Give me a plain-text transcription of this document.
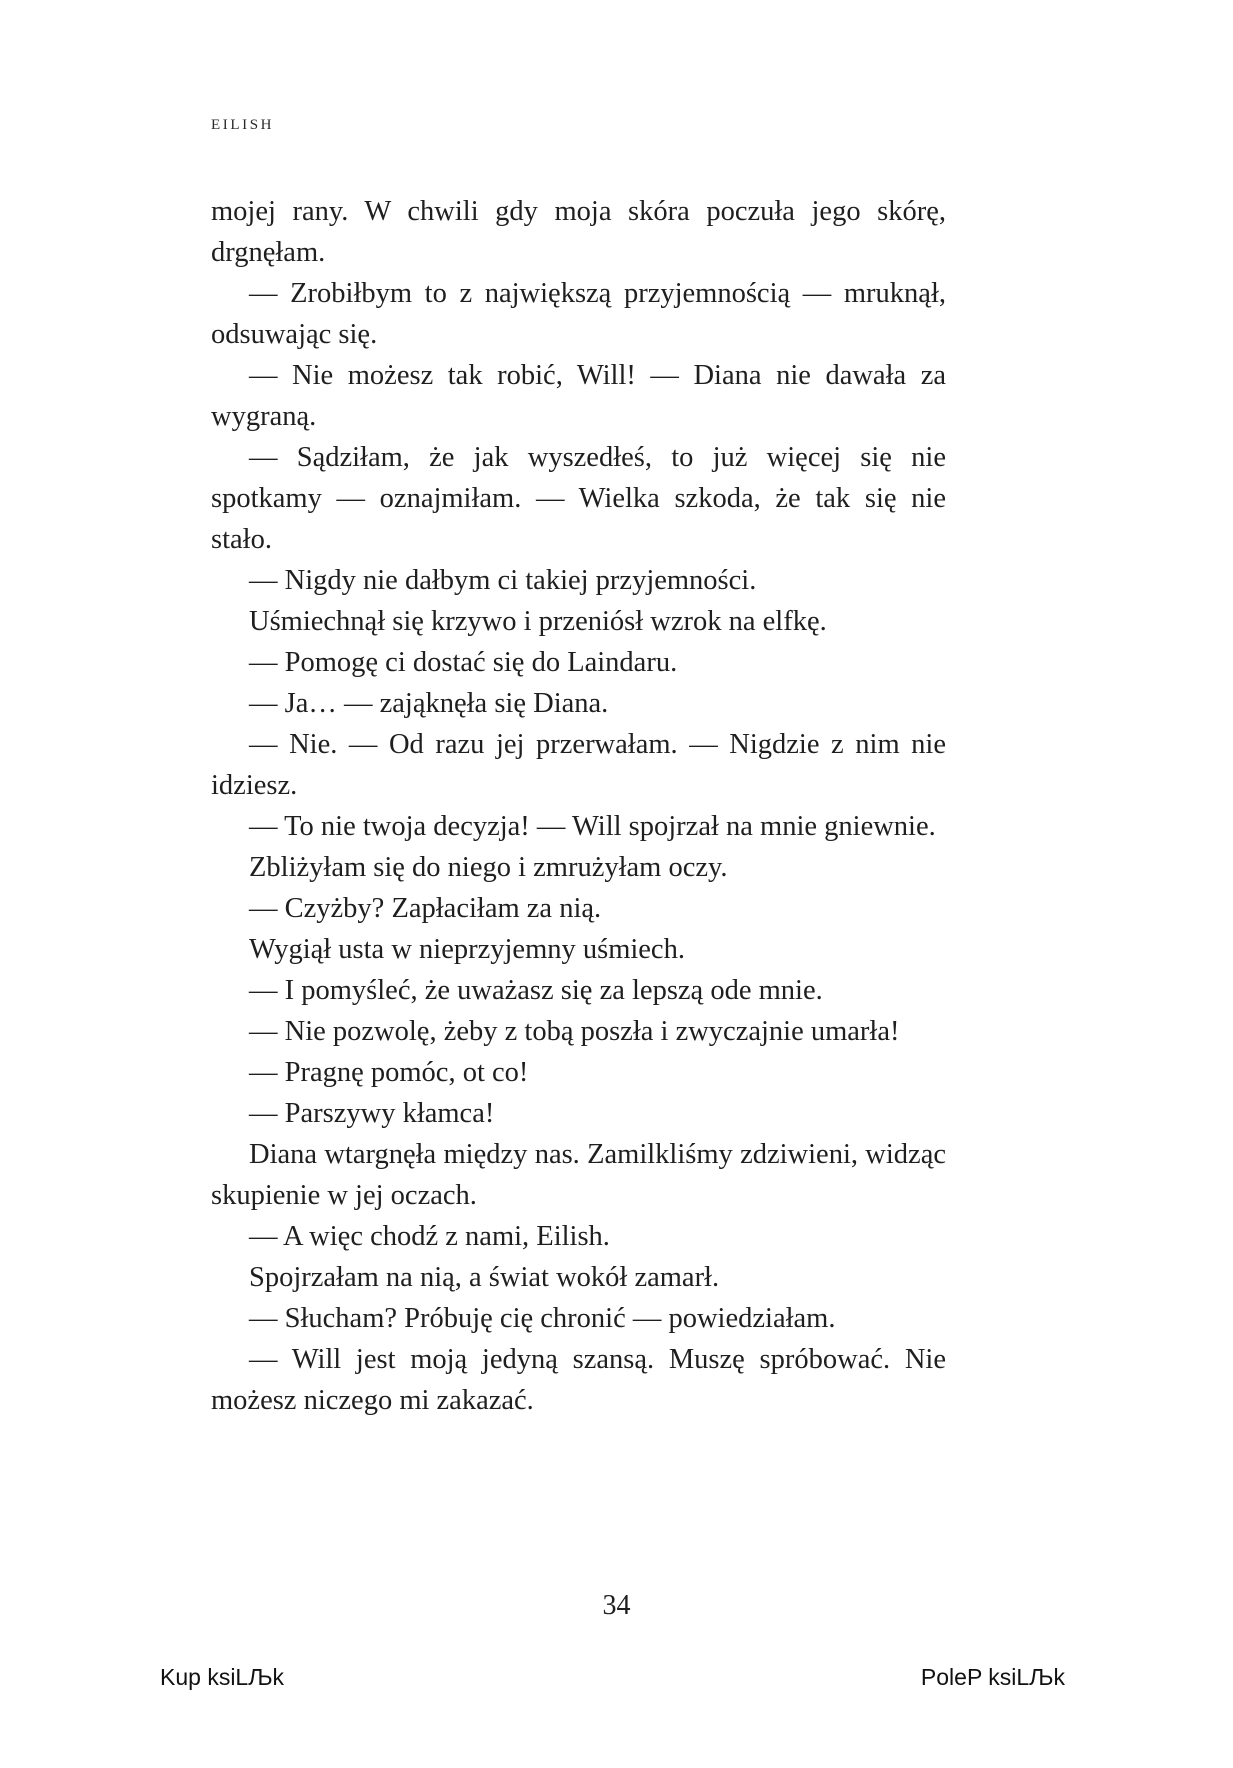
EILISH

mojej rany. W chwili gdy moja skóra poczuła jego skórę, drgnęłam.

— Zrobiłbym to z największą przyjemnością — mruknął, odsuwając się.

— Nie możesz tak robić, Will! — Diana nie dawała za wygraną.

— Sądziłam, że jak wyszedłeś, to już więcej się nie spotkamy — oznajmiłam. — Wielka szkoda, że tak się nie stało.

— Nigdy nie dałbym ci takiej przyjemności.

Uśmiechnął się krzywo i przeniósł wzrok na elfkę.

— Pomogę ci dostać się do Laindaru.

— Ja… — zająknęła się Diana.

— Nie. — Od razu jej przerwałam. — Nigdzie z nim nie idziesz.

— To nie twoja decyzja! — Will spojrzał na mnie gniewnie.

Zbliżyłam się do niego i zmrużyłam oczy.

— Czyżby? Zapłaciłam za nią.

Wygiął usta w nieprzyjemny uśmiech.

— I pomyśleć, że uważasz się za lepszą ode mnie.

— Nie pozwolę, żeby z tobą poszła i zwyczajnie umarła!

— Pragnę pomóc, ot co!

— Parszywy kłamca!

Diana wtargnęła między nas. Zamilkliśmy zdziwieni, widząc skupienie w jej oczach.

— A więc chodź z nami, Eilish.

Spojrzałam na nią, a świat wokół zamarł.

— Słucham? Próbuję cię chronić — powiedziałam.

— Will jest moją jedyną szansą. Muszę spróbować. Nie możesz niczego mi zakazać.

34
Kup ksiLЉk	PoleP ksiLЉk
